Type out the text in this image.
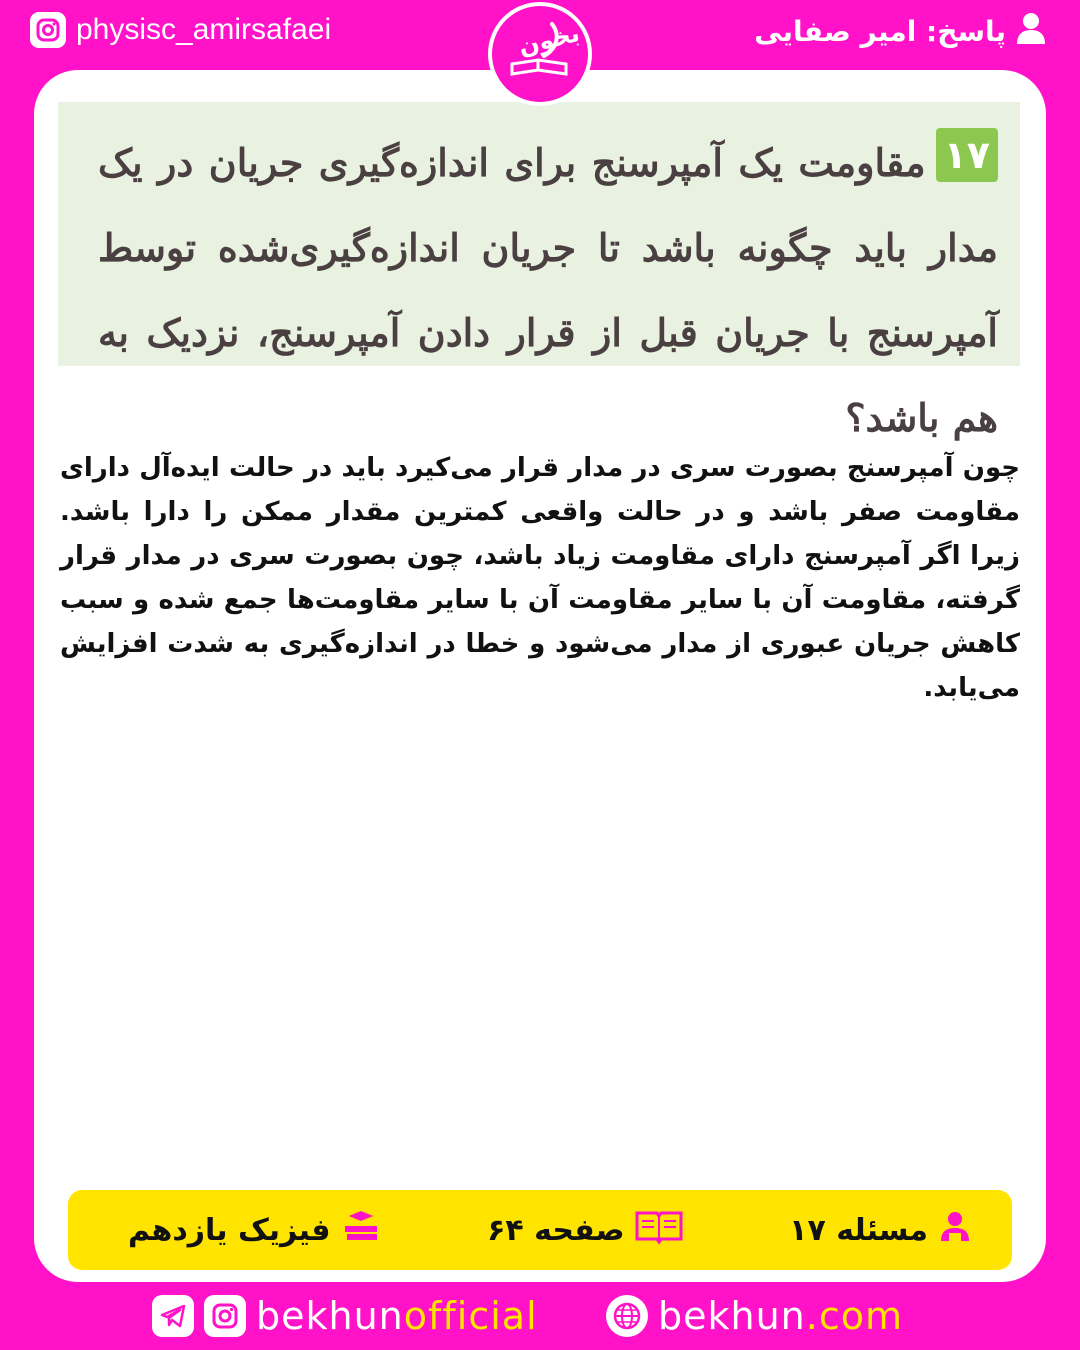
physisc_amirsafaei	پاسخ: امیر صفایی
بخون
۱۷مقاومت یک آمپرسنج برای اندازه‌گیری جریان در یک مدار باید چگونه باشد تا جریان اندازه‌گیری‌شده توسط آمپرسنج با جریان قبل از قرار دادن آمپرسنج، نزدیک به هم باشد؟
چون آمپرسنج بصورت سری در مدار قرار می‌کیرد باید در حالت ایده‌آل دارای مقاومت صفر باشد و در حالت واقعی کمترین مقدار ممکن را دارا باشد. زیرا اگر آمپرسنج دارای مقاومت زیاد باشد، چون بصورت سری در مدار قرار گرفته، مقاومت آن با سایر مقاومت آن با سایر مقاومت‌ها جمع شده و سبب کاهش جریان عبوری از مدار می‌شود و خطا در اندازه‌گیری به شدت افزایش می‌یابد.
مسئله ۱۷
صفحه ۶۴
فیزیک یازدهم
bekhunofficial	bekhun.com
